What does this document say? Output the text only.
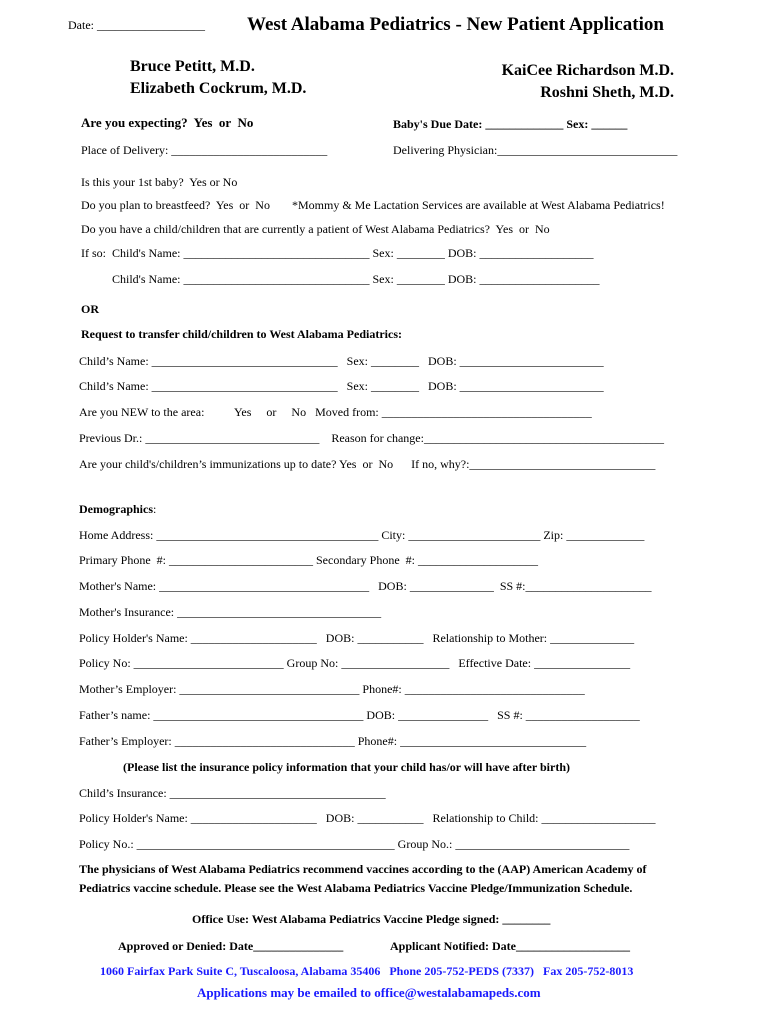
Date: __________________ West Alabama Pediatrics - New Patient Application
Bruce Petitt, M.D.
Elizabeth Cockrum, M.D.
KaiCee Richardson M.D.
Roshni Sheth, M.D.
Are you expecting?  Yes  or  No	Baby's Due Date: _____________ Sex: ______
Place of Delivery: __________________________	Delivering Physician:______________________________
Is this your 1st baby?  Yes or No
Do you plan to breastfeed?  Yes  or  No *Mommy & Me Lactation Services are available at West Alabama Pediatrics!
Do you have a child/children that are currently a patient of West Alabama Pediatrics?  Yes  or  No
If so:  Child's Name: _______________________________ Sex: ________ DOB: ___________________
Child's Name: _______________________________ Sex: ________ DOB: ____________________
OR
Request to transfer child/children to West Alabama Pediatrics:
Child’s Name: _______________________________   Sex: ________   DOB: ________________________
Child’s Name: _______________________________   Sex: ________   DOB: ________________________
Are you NEW to the area:          Yes     or     No   Moved from: ___________________________________
Previous Dr.: _____________________________    Reason for change:________________________________________
Are your child's/children’s immunizations up to date? Yes  or  No      If no, why?:_______________________________
Demographics:
Home Address: _____________________________________ City: ______________________ Zip: _____________
Primary Phone  #: ________________________ Secondary Phone  #: ____________________
Mother's Name: ___________________________________   DOB: ______________  SS #:_____________________
Mother's Insurance: __________________________________
Policy Holder's Name: _____________________   DOB: ___________   Relationship to Mother: ______________
Policy No: _________________________ Group No: __________________   Effective Date: ________________
Mother’s Employer: ______________________________ Phone#: ______________________________
Father’s name: ___________________________________ DOB: _______________   SS #: ___________________
Father’s Employer: ______________________________ Phone#: _______________________________
(Please list the insurance policy information that your child has/or will have after birth)
Child’s Insurance: ____________________________________
Policy Holder's Name: _____________________   DOB: ___________   Relationship to Child: ___________________
Policy No.: ___________________________________________ Group No.: _____________________________
The physicians of West Alabama Pediatrics recommend vaccines according to the (AAP) American Academy of
Pediatrics vaccine schedule. Please see the West Alabama Pediatrics Vaccine Pledge/Immunization Schedule.
Office Use: West Alabama Pediatrics Vaccine Pledge signed: ________
Approved or Denied: Date_______________	Applicant Notified: Date___________________
1060 Fairfax Park Suite C, Tuscaloosa, Alabama 35406   Phone 205-752-PEDS (7337)   Fax 205-752-8013
Applications may be emailed to office@westalabamapeds.com
